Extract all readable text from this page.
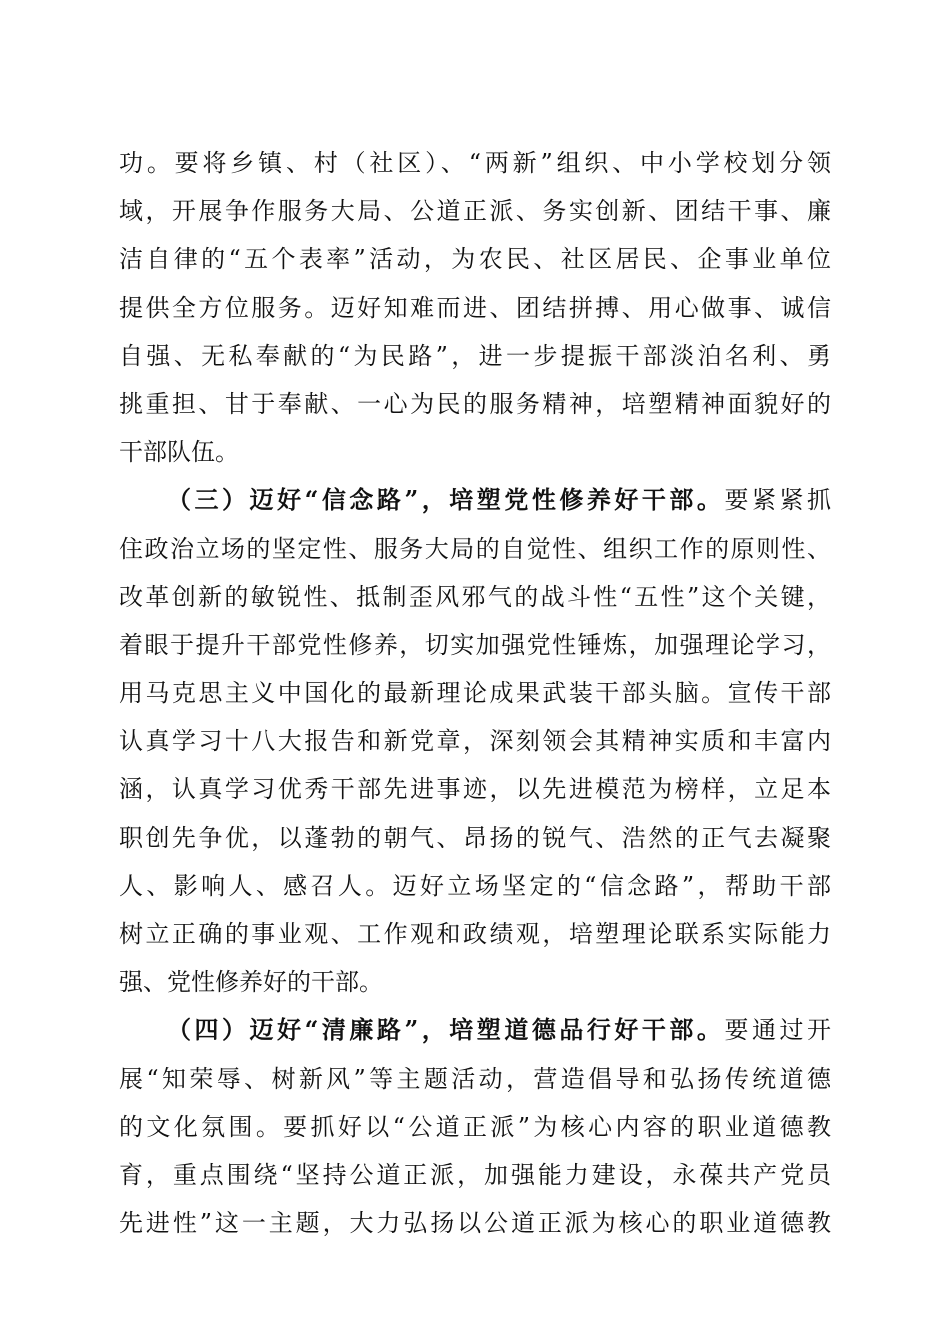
功。要将乡镇、村（社区）、“两新”组织、中小学校划分领
域，开展争作服务大局、公道正派、务实创新、团结干事、廉
洁自律的“五个表率”活动，为农民、社区居民、企事业单位
提供全方位服务。迈好知难而进、团结拼搏、用心做事、诚信
自强、无私奉献的“为民路”，进一步提振干部淡泊名利、勇
挑重担、甘于奉献、一心为民的服务精神，培塑精神面貌好的
干部队伍。
（三）迈好“信念路”，培塑党性修养好干部。要紧紧抓
住政治立场的坚定性、服务大局的自觉性、组织工作的原则性、
改革创新的敏锐性、抵制歪风邪气的战斗性“五性”这个关键，
着眼于提升干部党性修养，切实加强党性锤炼，加强理论学习，
用马克思主义中国化的最新理论成果武装干部头脑。宣传干部
认真学习十八大报告和新党章，深刻领会其精神实质和丰富内
涵，认真学习优秀干部先进事迹，以先进模范为榜样，立足本
职创先争优，以蓬勃的朝气、昂扬的锐气、浩然的正气去凝聚
人、影响人、感召人。迈好立场坚定的“信念路”，帮助干部
树立正确的事业观、工作观和政绩观，培塑理论联系实际能力
强、党性修养好的干部。
（四）迈好“清廉路”，培塑道德品行好干部。要通过开
展“知荣辱、树新风”等主题活动，营造倡导和弘扬传统道德
的文化氛围。要抓好以“公道正派”为核心内容的职业道德教
育，重点围绕“坚持公道正派，加强能力建设，永葆共产党员
先进性”这一主题，大力弘扬以公道正派为核心的职业道德教
